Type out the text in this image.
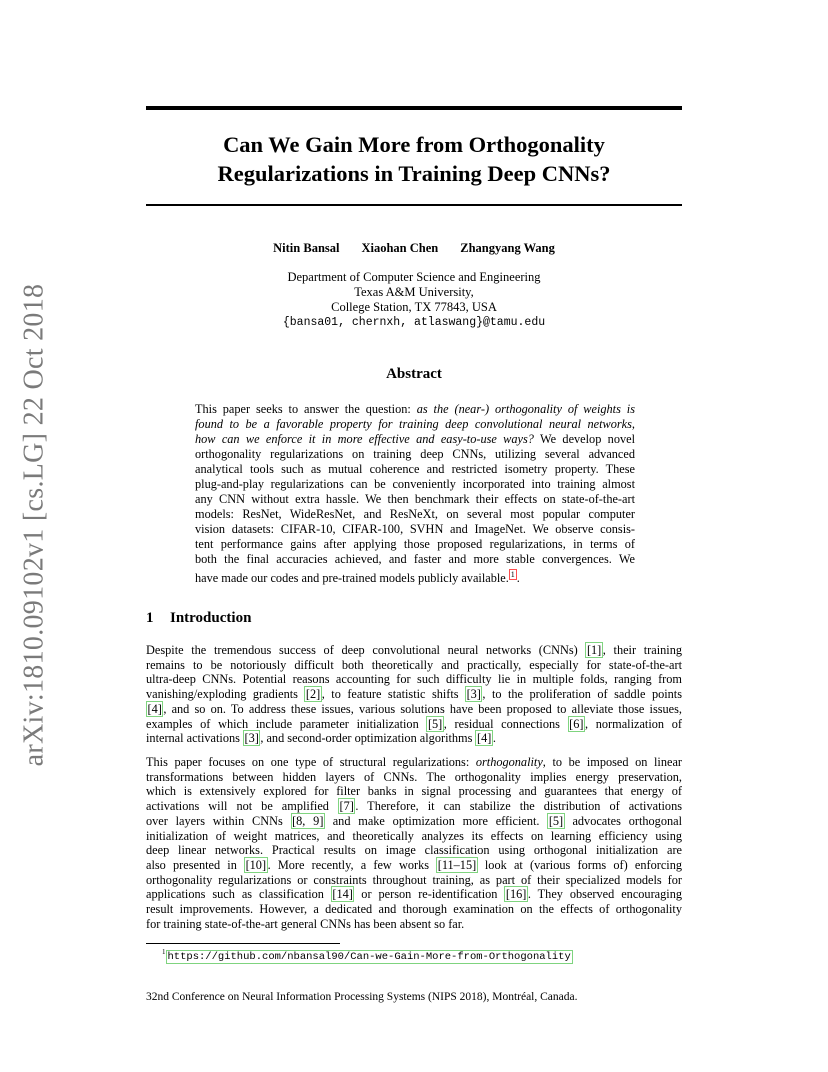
arXiv:1810.09102v1 [cs.LG] 22 Oct 2018
Can We Gain More from Orthogonality
Regularizations in Training Deep CNNs?
Nitin Bansal Xiaohan Chen Zhangyang Wang
Department of Computer Science and Engineering
Texas A&M University,
College Station, TX 77843, USA
{bansa01, chernxh, atlaswang}@tamu.edu
Abstract
This paper seeks to answer the question: as the (near-) orthogonality of weights is
found to be a favorable property for training deep convolutional neural networks,
how can we enforce it in more effective and easy-to-use ways? We develop novel
orthogonality regularizations on training deep CNNs, utilizing several advanced
analytical tools such as mutual coherence and restricted isometry property. These
plug-and-play regularizations can be conveniently incorporated into training almost
any CNN without extra hassle. We then benchmark their effects on state-of-the-art
models: ResNet, WideResNet, and ResNeXt, on several most popular computer
vision datasets: CIFAR-10, CIFAR-100, SVHN and ImageNet. We observe consis-
tent performance gains after applying those proposed regularizations, in terms of
both the final accuracies achieved, and faster and more stable convergences. We
have made our codes and pre-trained models publicly available. $^1$ .
1 Introduction
Despite the tremendous success of deep convolutional neural networks (CNNs) [1] , their training
remains to be notoriously difficult both theoretically and practically, especially for state-of-the-art
ultra-deep CNNs. Potential reasons accounting for such difficulty lie in multiple folds, ranging from
vanishing/exploding gradients [2] , to feature statistic shifts [3] , to the proliferation of saddle points
[4] , and so on. To address these issues, various solutions have been proposed to alleviate those issues,
examples of which include parameter initialization [5] , residual connections [6] , normalization of
internal activations [3] , and second-order optimization algorithms [4] .
This paper focuses on one type of structural regularizations: orthogonality, to be imposed on linear
transformations between hidden layers of CNNs. The orthogonality implies energy preservation,
which is extensively explored for filter banks in signal processing and guarantees that energy of
activations will not be amplified [7] . Therefore, it can stabilize the distribution of activations
over layers within CNNs [8, 9] and make optimization more efficient. [5] advocates orthogonal
initialization of weight matrices, and theoretically analyzes its effects on learning efficiency using
deep linear networks. Practical results on image classification using orthogonal initialization are
also presented in [10] . More recently, a few works [11–15] look at (various forms of) enforcing
orthogonality regularizations or constraints throughout training, as part of their specialized models for
applications such as classification [14] or person re-identification [16] . They observed encouraging
result improvements. However, a dedicated and thorough examination on the effects of orthogonality
for training state-of-the-art general CNNs has been absent so far.
$^1$ https://github.com/nbansal90/Can-we-Gain-More-from-Orthogonality
32nd Conference on Neural Information Processing Systems (NIPS 2018), Montréal, Canada.
